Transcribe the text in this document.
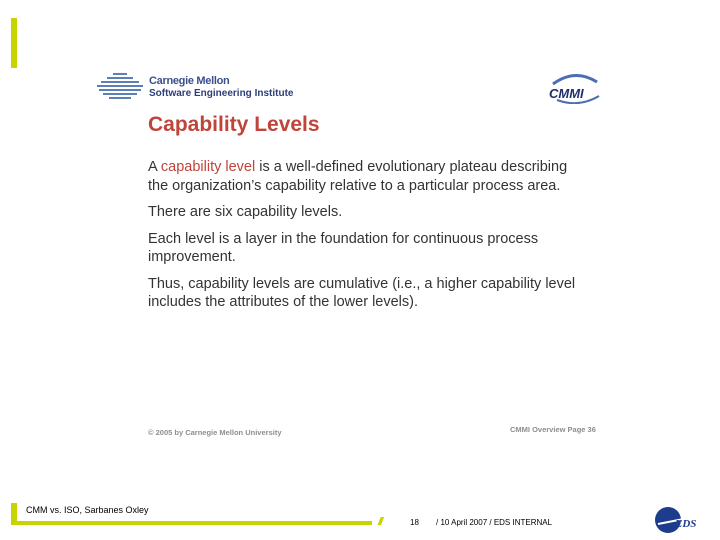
Carnegie Mellon
Software Engineering Institute	CMMI
Capability Levels

A capability level is a well-defined evolutionary plateau describing the organization’s capability relative to a particular process area.

There are six capability levels.

Each level is a layer in the foundation for continuous process improvement.

Thus, capability levels are cumulative (i.e., a higher capability level includes the attributes of the lower levels).

© 2005 by Carnegie Mellon University	CMMI Overview Page 36
CMM vs. ISO, Sarbanes Oxley
///	18 / 10 April 2007 / EDS INTERNAL	EDS
